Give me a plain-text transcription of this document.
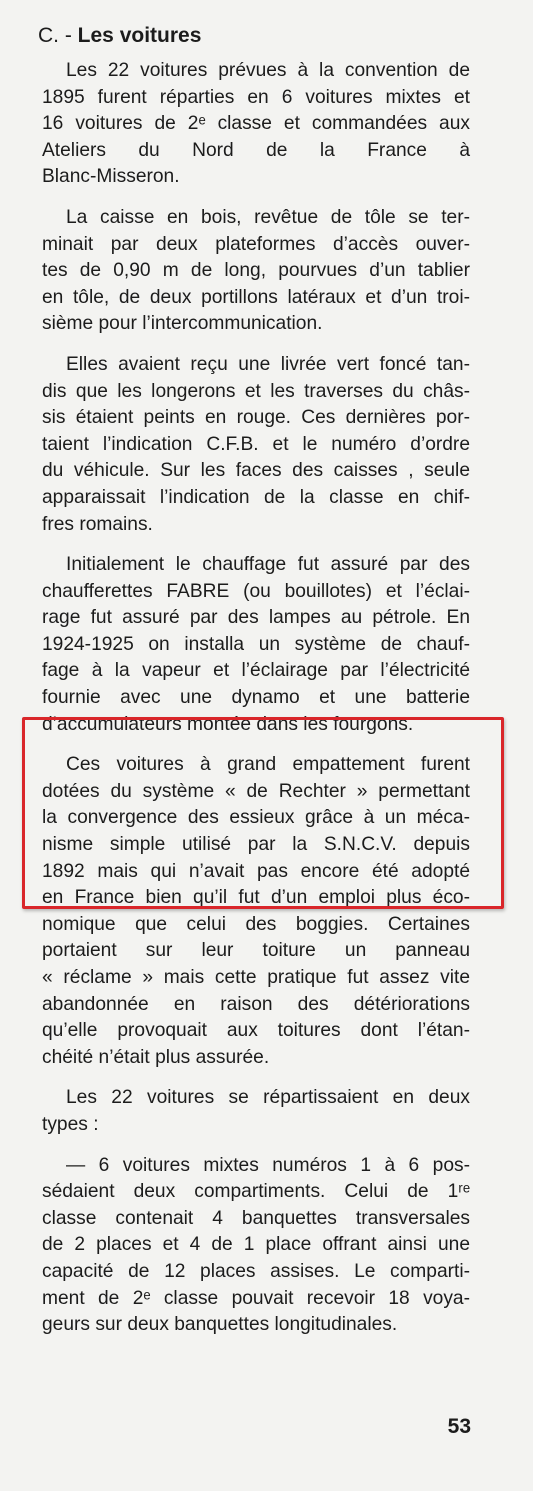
C. - Les voitures

Les 22 voitures prévues à la convention de
1895 furent réparties en 6 voitures mixtes et
16 voitures de 2ᵉ classe et commandées aux
Ateliers du Nord de la France à
Blanc-Misseron.

La caisse en bois, revêtue de tôle se ter-
minait par deux plateformes d’accès ouver-
tes de 0,90 m de long, pourvues d’un tablier
en tôle, de deux portillons latéraux et d’un troi-
sième pour l’intercommunication.

Elles avaient reçu une livrée vert foncé tan-
dis que les longerons et les traverses du châs-
sis étaient peints en rouge. Ces dernières por-
taient l’indication C.F.B. et le numéro d’ordre
du véhicule. Sur les faces des caisses , seule
apparaissait l’indication de la classe en chif-
fres romains.

Initialement le chauffage fut assuré par des
chaufferettes FABRE (ou bouillotes) et l’éclai-
rage fut assuré par des lampes au pétrole. En
1924-1925 on installa un système de chauf-
fage à la vapeur et l’éclairage par l’électricité
fournie avec une dynamo et une batterie
d’accumulateurs montée dans les fourgons.

Ces voitures à grand empattement furent
dotées du système « de Rechter » permettant
la convergence des essieux grâce à un méca-
nisme simple utilisé par la S.N.C.V. depuis
1892 mais qui n’avait pas encore été adopté
en France bien qu’il fut d’un emploi plus éco-
nomique que celui des boggies. Certaines
portaient sur leur toiture un panneau
« réclame » mais cette pratique fut assez vite
abandonnée en raison des détériorations
qu’elle provoquait aux toitures dont l’étan-
chéité n’était plus assurée.

Les 22 voitures se répartissaient en deux
types :

— 6 voitures mixtes numéros 1 à 6 pos-
sédaient deux compartiments. Celui de 1ʳᵉ
classe contenait 4 banquettes transversales
de 2 places et 4 de 1 place offrant ainsi une
capacité de 12 places assises. Le comparti-
ment de 2ᵉ classe pouvait recevoir 18 voya-
geurs sur deux banquettes longitudinales.

53
